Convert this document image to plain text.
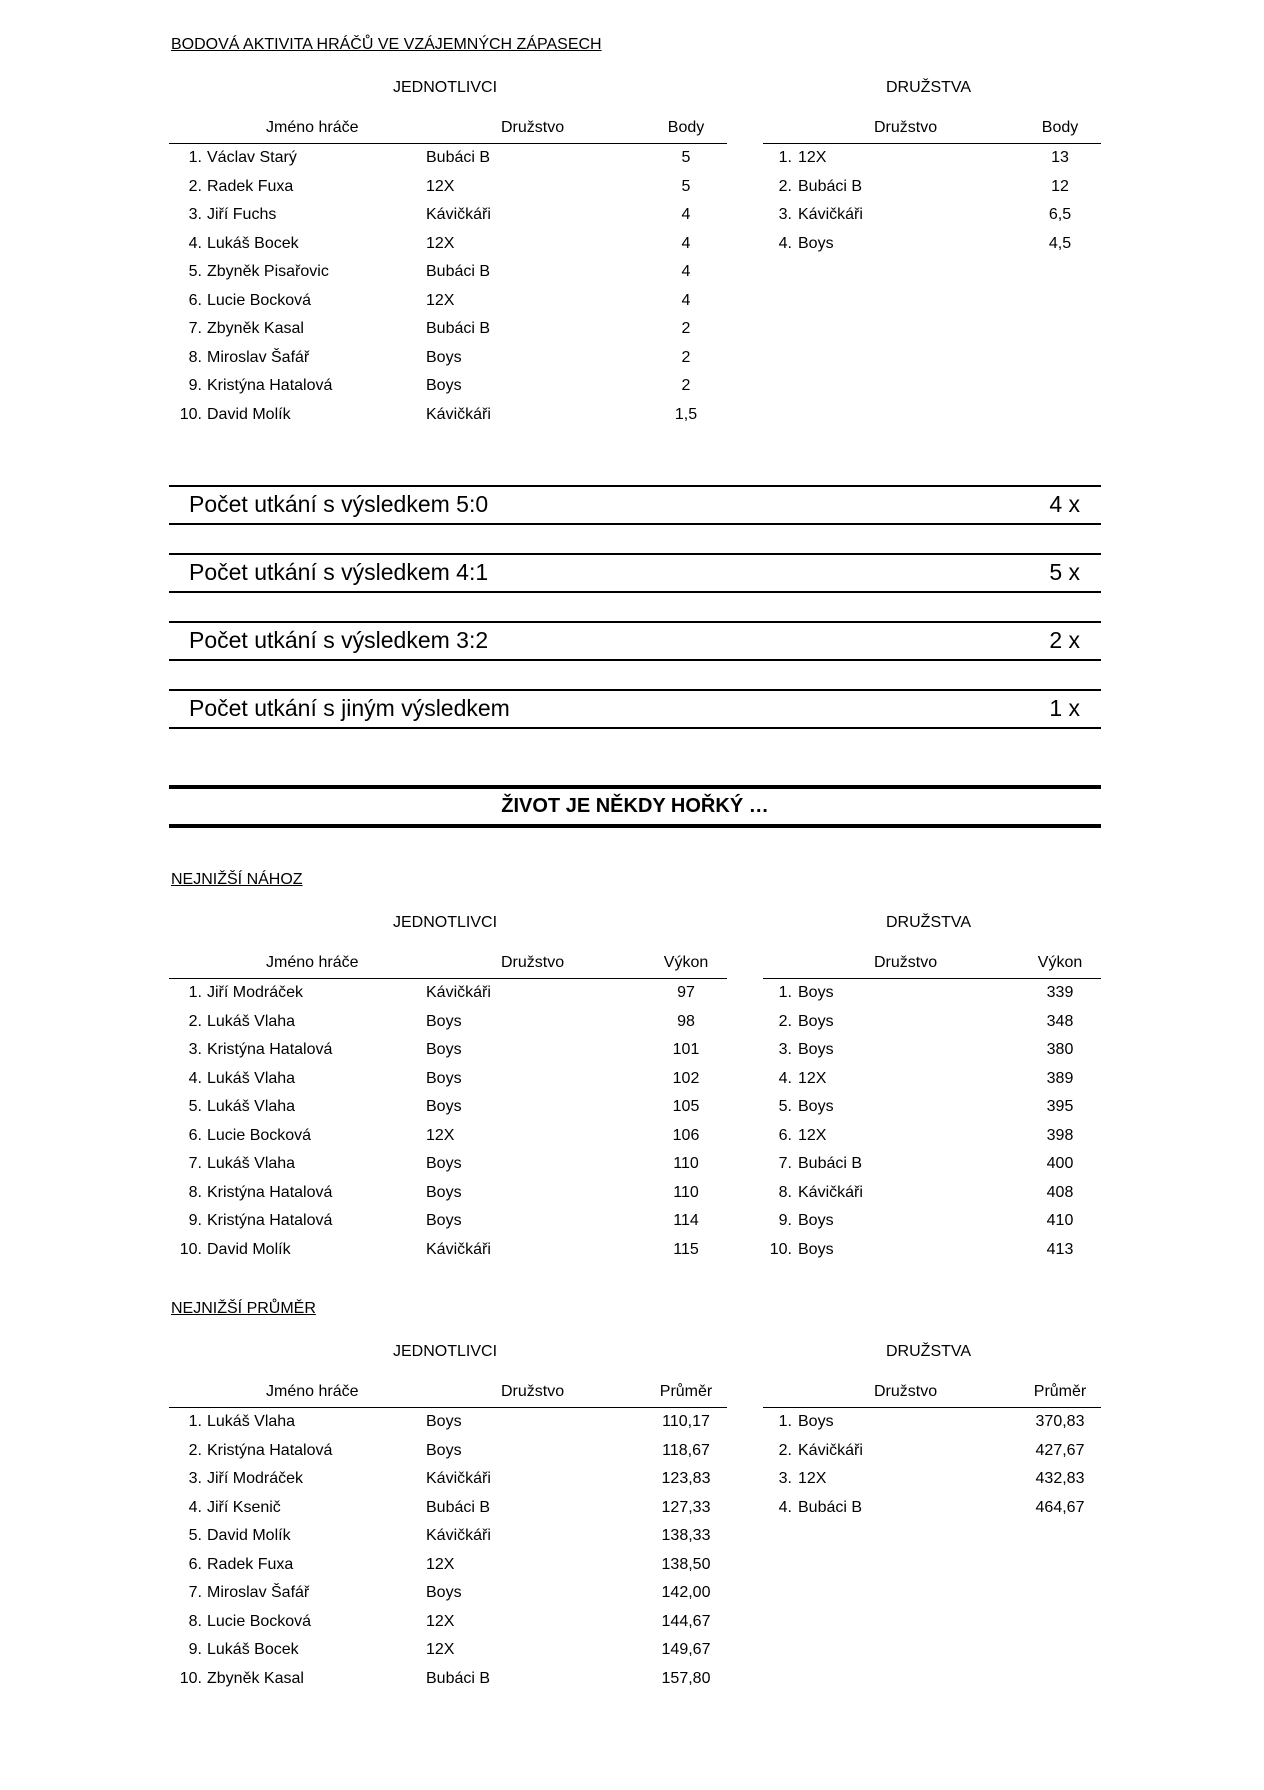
BODOVÁ AKTIVITA HRÁČŮ VE VZÁJEMNÝCH ZÁPASECH
JEDNOTLIVCI	DRUŽSTVA
Jméno hráče	Družstvo	Body	Družstvo	Body
1. Václav Starý	Bubáci B	5
2. Radek Fuxa	12X	5
3. Jiří Fuchs	Kávičkáři	4
4. Lukáš Bocek	12X	4
5. Zbyněk Pisařovic	Bubáci B	4
6. Lucie Bocková	12X	4
7. Zbyněk Kasal	Bubáci B	2
8. Miroslav Šafář	Boys	2
9. Kristýna Hatalová	Boys	2
10. David Molík	Kávičkáři	1,5
1. 12X	13
2. Bubáci B	12
3. Kávičkáři	6,5
4. Boys	4,5
Počet utkání s výsledkem 5:0	4 x
Počet utkání s výsledkem 4:1	5 x
Počet utkání s výsledkem 3:2	2 x
Počet utkání s jiným výsledkem	1 x
ŽIVOT JE NĚKDY HOŘKÝ …
NEJNIŽŠÍ NÁHOZ
JEDNOTLIVCI	DRUŽSTVA
Jméno hráče	Družstvo	Výkon	Družstvo	Výkon
1. Jiří Modráček	Kávičkáři	97
2. Lukáš Vlaha	Boys	98
3. Kristýna Hatalová	Boys	101
4. Lukáš Vlaha	Boys	102
5. Lukáš Vlaha	Boys	105
6. Lucie Bocková	12X	106
7. Lukáš Vlaha	Boys	110
8. Kristýna Hatalová	Boys	110
9. Kristýna Hatalová	Boys	114
10. David Molík	Kávičkáři	115
1. Boys	339
2. Boys	348
3. Boys	380
4. 12X	389
5. Boys	395
6. 12X	398
7. Bubáci B	400
8. Kávičkáři	408
9. Boys	410
10. Boys	413
NEJNIŽŠÍ PRŮMĚR
JEDNOTLIVCI	DRUŽSTVA
Jméno hráče	Družstvo	Průměr	Družstvo	Průměr
1. Lukáš Vlaha	Boys	110,17
2. Kristýna Hatalová	Boys	118,67
3. Jiří Modráček	Kávičkáři	123,83
4. Jiří Ksenič	Bubáci B	127,33
5. David Molík	Kávičkáři	138,33
6. Radek Fuxa	12X	138,50
7. Miroslav Šafář	Boys	142,00
8. Lucie Bocková	12X	144,67
9. Lukáš Bocek	12X	149,67
10. Zbyněk Kasal	Bubáci B	157,80
1. Boys	370,83
2. Kávičkáři	427,67
3. 12X	432,83
4. Bubáci B	464,67
